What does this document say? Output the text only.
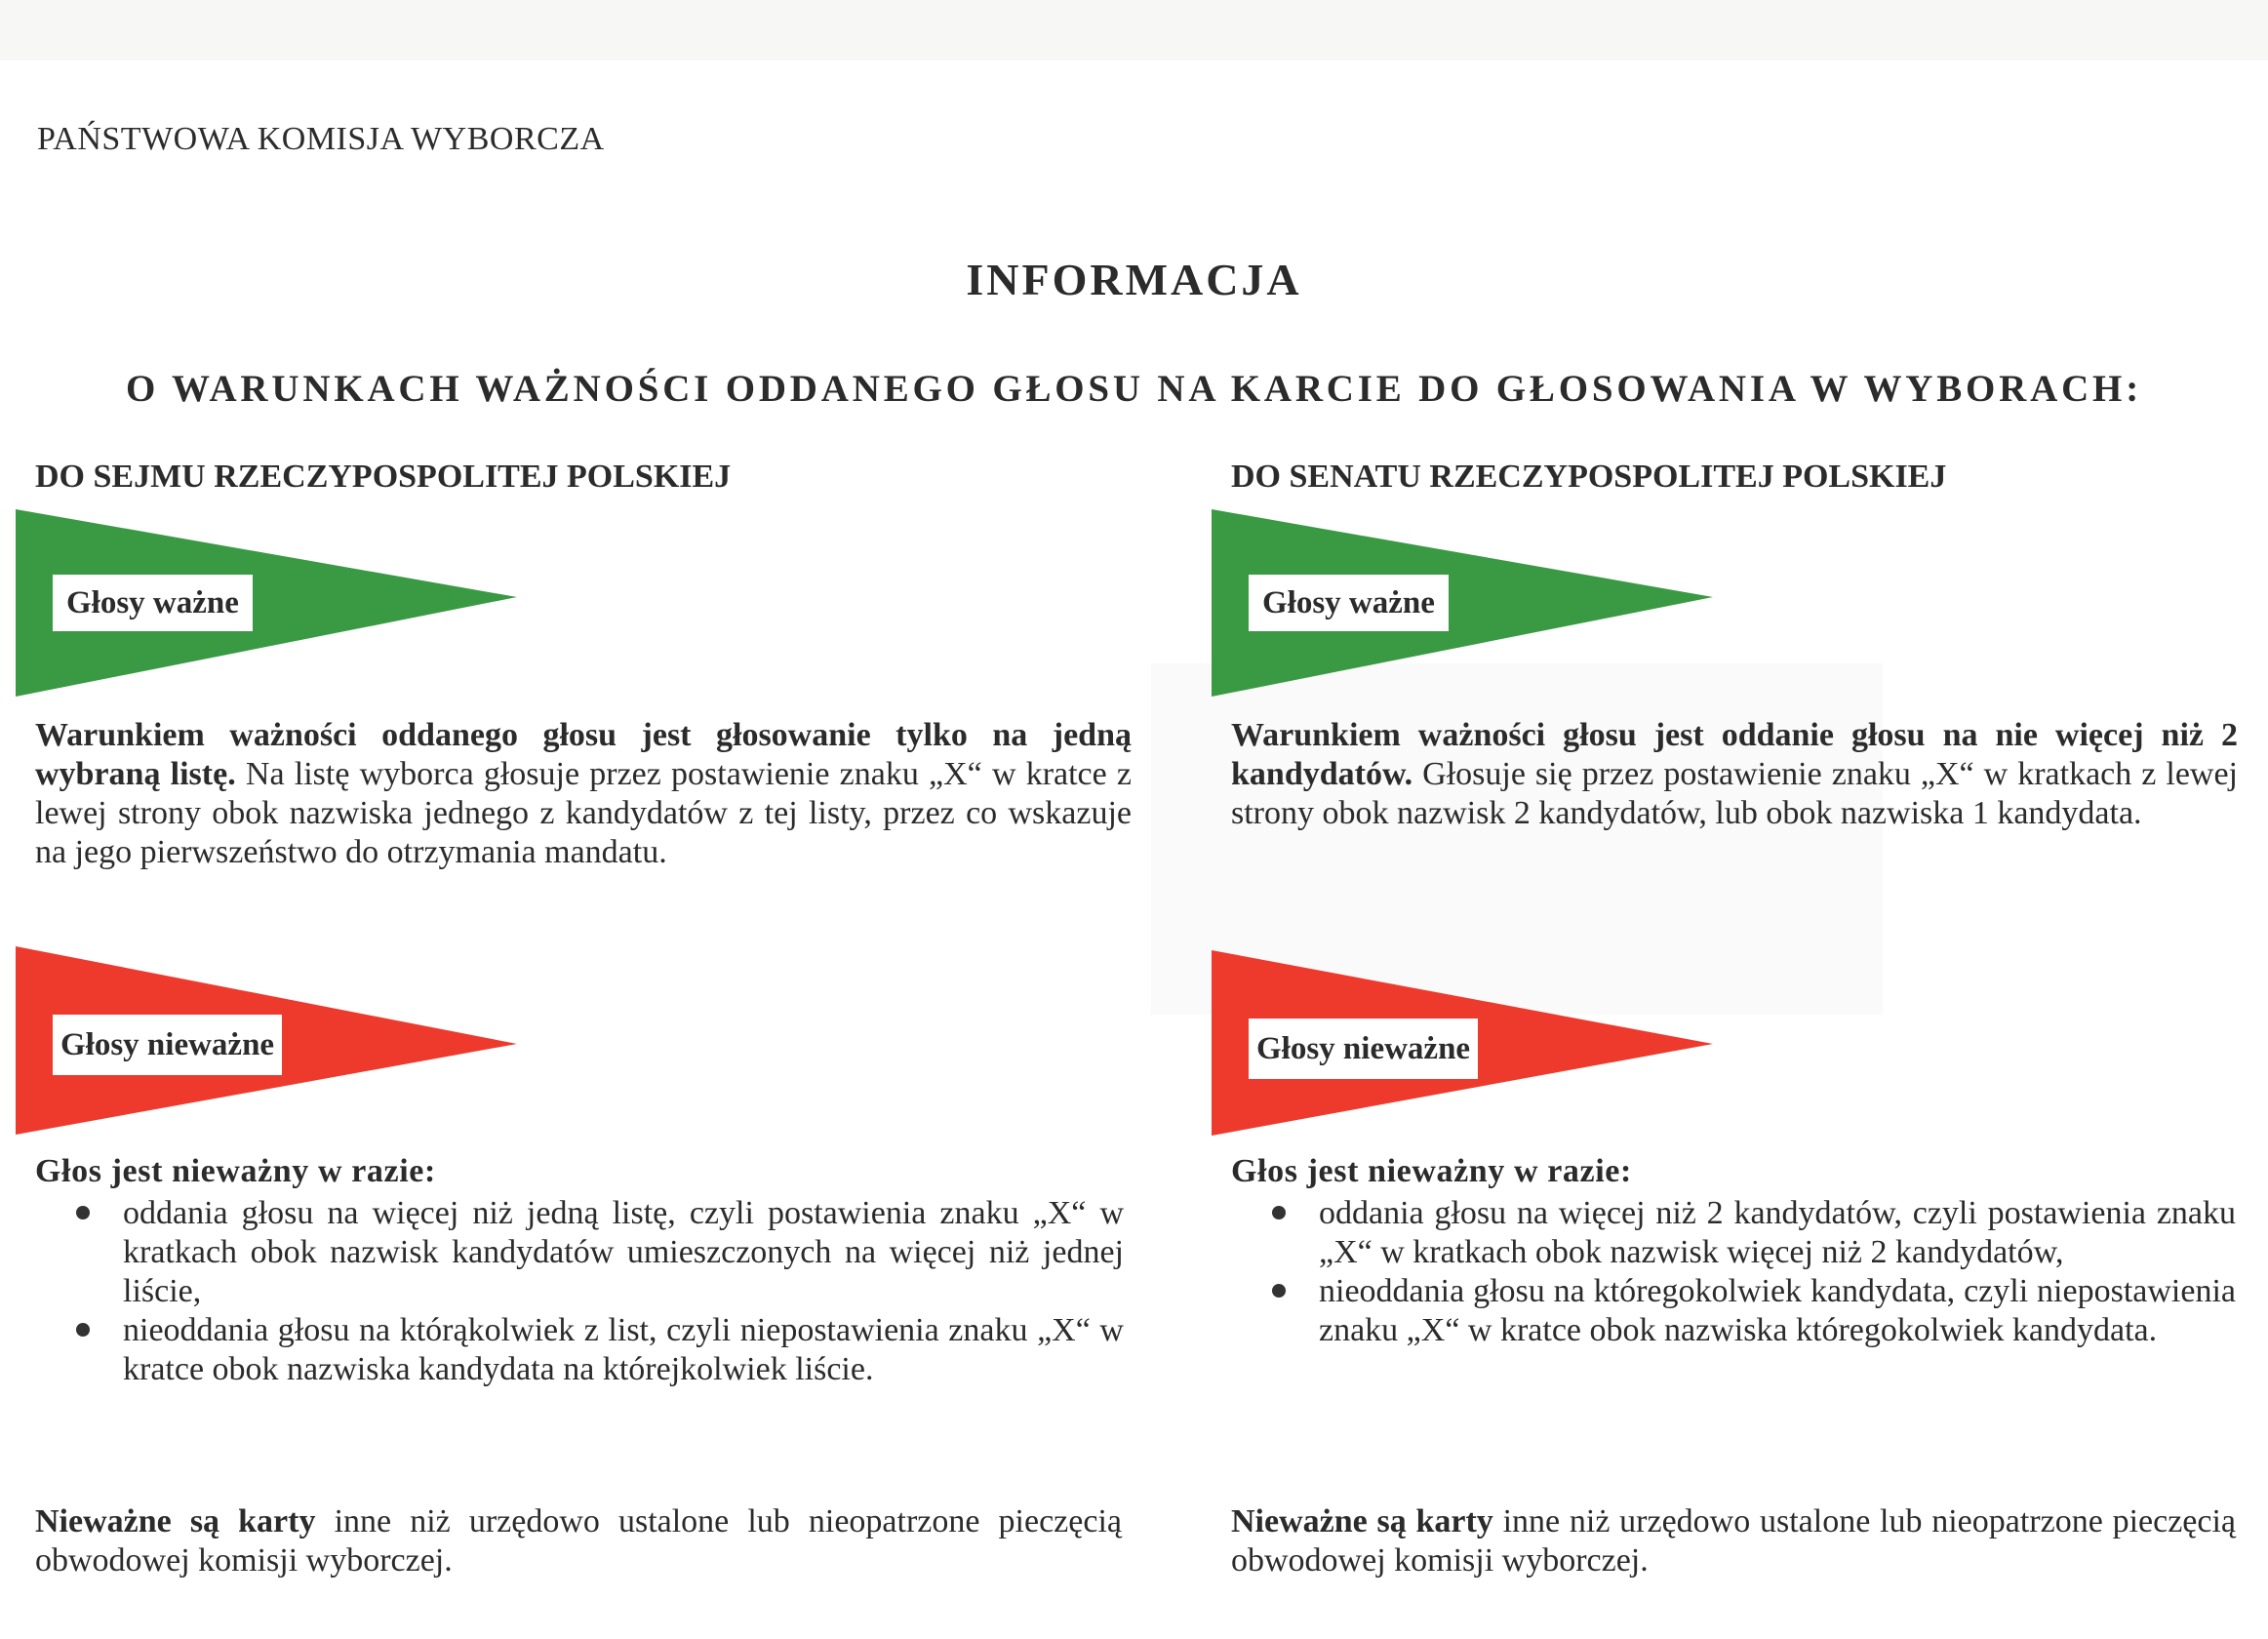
PAŃSTWOWA KOMISJA WYBORCZA
INFORMACJA
O WARUNKACH WAŻNOŚCI ODDANEGO GŁOSU NA KARCIE DO GŁOSOWANIA W WYBORACH:
DO SEJMU RZECZYPOSPOLITEJ POLSKIEJ
Głosy ważne
Warunkiem ważności oddanego głosu jest głosowanie tylko na jedną wybraną listę. Na listę wyborca głosuje przez postawienie znaku „X“ w kratce z lewej strony obok nazwiska jednego z kandydatów z tej listy, przez co wskazuje na jego pierwszeństwo do otrzymania mandatu.
Głosy nieważne
Głos jest nieważny w razie:
oddania głosu na więcej niż jedną listę, czyli postawienia znaku „X“ w kratkach obok nazwisk kandydatów umieszczonych na więcej niż jednej liście,
nieoddania głosu na którąkolwiek z list, czyli niepostawienia znaku „X“ w kratce obok nazwiska kandydata na którejkolwiek liście.
Nieważne są karty inne niż urzędowo ustalone lub nieopatrzone pieczęcią obwodowej komisji wyborczej.
DO SENATU RZECZYPOSPOLITEJ POLSKIEJ
Głosy ważne
Warunkiem ważności głosu jest oddanie głosu na nie więcej niż 2 kandydatów. Głosuje się przez postawienie znaku „X“ w kratkach z lewej strony obok nazwisk 2 kandydatów, lub obok nazwiska 1 kandydata.
Głosy nieważne
Głos jest nieważny w razie:
oddania głosu na więcej niż 2 kandydatów, czyli postawienia znaku „X“ w kratkach obok nazwisk więcej niż 2 kandydatów,
nieoddania głosu na któregokolwiek kandydata, czyli niepostawienia znaku „X“ w kratce obok nazwiska któregokolwiek kandydata.
Nieważne są karty inne niż urzędowo ustalone lub nieopatrzone pieczęcią obwodowej komisji wyborczej.
